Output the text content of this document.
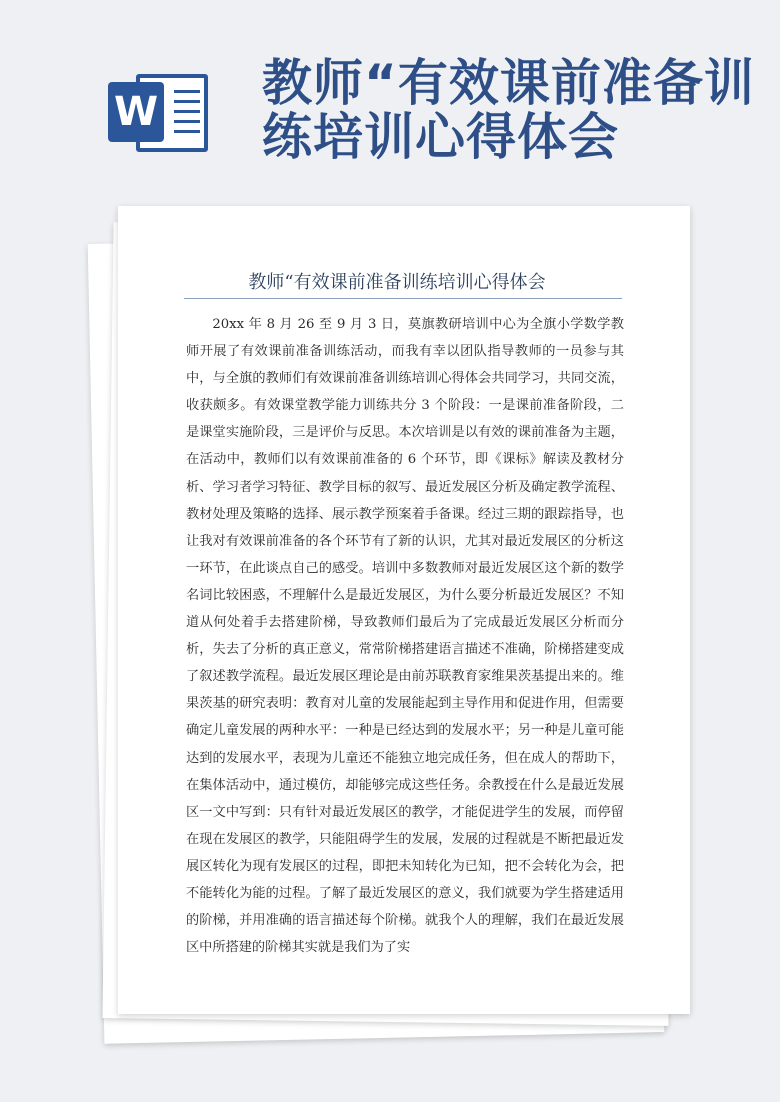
W 教师“有效课前准备训练培训心得体会
教师“有效课前准备训练培训心得体会

20xx 年 8 月 26 至 9 月 3 日，莫旗教研培训中心为全旗小学数学教师开展了有效课前准备训练活动，而我有幸以团队指导教师的一员参与其中，与全旗的教师们有效课前准备训练培训心得体会共同学习，共同交流，收获颇多。有效课堂教学能力训练共分 3 个阶段：一是课前准备阶段，二是课堂实施阶段，三是评价与反思。本次培训是以有效的课前准备为主题，在活动中，教师们以有效课前准备的 6 个环节，即《课标》解读及教材分析、学习者学习特征、教学目标的叙写、最近发展区分析及确定教学流程、教材处理及策略的选择、展示教学预案着手备课。经过三期的跟踪指导，也让我对有效课前准备的各个环节有了新的认识，尤其对最近发展区的分析这一环节，在此谈点自己的感受。培训中多数教师对最近发展区这个新的数学名词比较困惑，不理解什么是最近发展区，为什么要分析最近发展区？不知道从何处着手去搭建阶梯，导致教师们最后为了完成最近发展区分析而分析，失去了分析的真正意义，常常阶梯搭建语言描述不准确，阶梯搭建变成了叙述教学流程。最近发展区理论是由前苏联教育家维果茨基提出来的。维果茨基的研究表明：教育对儿童的发展能起到主导作用和促进作用，但需要确定儿童发展的两种水平：一种是已经达到的发展水平；另一种是儿童可能达到的发展水平，表现为儿童还不能独立地完成任务，但在成人的帮助下，在集体活动中，通过模仿，却能够完成这些任务。余教授在什么是最近发展区一文中写到：只有针对最近发展区的教学，才能促进学生的发展，而停留在现在发展区的教学，只能阻碍学生的发展，发展的过程就是不断把最近发展区转化为现有发展区的过程，即把未知转化为已知，把不会转化为会，把不能转化为能的过程。了解了最近发展区的意义，我们就要为学生搭建适用的阶梯，并用准确的语言描述每个阶梯。就我个人的理解，我们在最近发展区中所搭建的阶梯其实就是我们为了实
